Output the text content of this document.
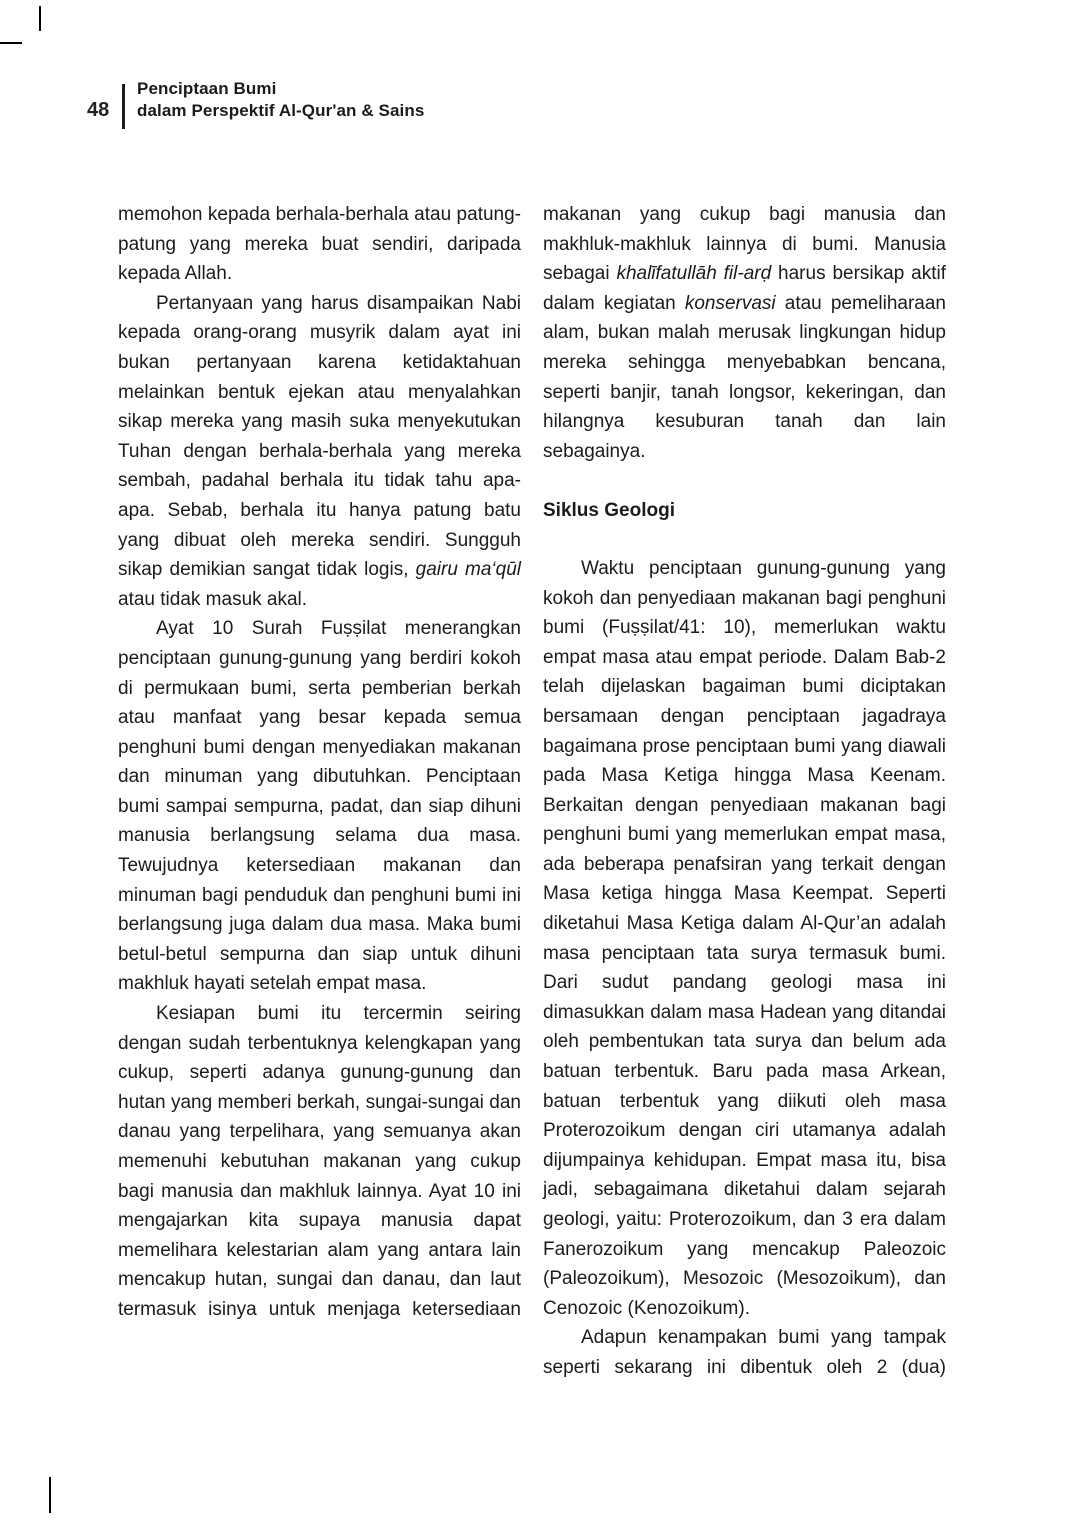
48
Penciptaan Bumi
dalam Perspektif Al-Qur'an & Sains

memohon kepada berhala-berhala atau patung-patung yang mereka buat sendiri, daripada kepada Allah.

Pertanyaan yang harus disampaikan Nabi kepada orang-orang musyrik dalam ayat ini bukan pertanyaan karena ketidaktahuan melainkan bentuk ejekan atau menyalahkan sikap mereka yang masih suka menyekutukan Tuhan dengan berhala-berhala yang mereka sembah, padahal berhala itu tidak tahu apa-apa. Sebab, berhala itu hanya patung batu yang dibuat oleh mereka sendiri. Sungguh sikap demikian sangat tidak logis, gairu ma‘qūl atau tidak masuk akal.

Ayat 10 Surah Fuṣṣilat menerangkan penciptaan gunung-gunung yang berdiri kokoh di permukaan bumi, serta pemberian berkah atau manfaat yang besar kepada semua penghuni bumi dengan menyediakan makanan dan minuman yang dibutuhkan. Penciptaan bumi sampai sempurna, padat, dan siap dihuni manusia berlangsung selama dua masa. Tewujudnya ketersediaan makanan dan minuman bagi penduduk dan penghuni bumi ini berlangsung juga dalam dua masa. Maka bumi betul-betul sempurna dan siap untuk dihuni makhluk hayati setelah empat masa.

Kesiapan bumi itu tercermin seiring dengan sudah terbentuknya kelengkapan yang cukup, seperti adanya gunung-gunung dan hutan yang memberi berkah, sungai-sungai dan danau yang terpelihara, yang semuanya akan memenuhi kebutuhan makanan yang cukup bagi manusia dan makhluk lainnya. Ayat 10 ini mengajarkan kita supaya manusia dapat memelihara kelestarian alam yang antara lain mencakup hutan, sungai dan danau, dan laut termasuk isinya untuk menjaga ketersediaan

makanan yang cukup bagi manusia dan makhluk-makhluk lainnya di bumi. Manusia sebagai khalīfatullāh fil-arḍ harus bersikap aktif dalam kegiatan konservasi atau pemeliharaan alam, bukan malah merusak lingkungan hidup mereka sehingga menyebabkan bencana, seperti banjir, tanah longsor, kekeringan, dan hilangnya kesuburan tanah dan lain sebagainya.

Siklus Geologi

Waktu penciptaan gunung-gunung yang kokoh dan penyediaan makanan bagi penghuni bumi (Fuṣṣilat/41: 10), memerlukan waktu empat masa atau empat periode. Dalam Bab-2 telah dijelaskan bagaiman bumi diciptakan bersamaan dengan penciptaan jagadraya bagaimana prose penciptaan bumi yang diawali pada Masa Ketiga hingga Masa Keenam. Berkaitan dengan penyediaan makanan bagi penghuni bumi yang memerlukan empat masa, ada beberapa penafsiran yang terkait dengan Masa ketiga hingga Masa Keempat. Seperti diketahui Masa Ketiga dalam Al-Qur’an adalah masa penciptaan tata surya termasuk bumi. Dari sudut pandang geologi masa ini dimasukkan dalam masa Hadean yang ditandai oleh pembentukan tata surya dan belum ada batuan terbentuk. Baru pada masa Arkean, batuan terbentuk yang diikuti oleh masa Proterozoikum dengan ciri utamanya adalah dijumpainya kehidupan. Empat masa itu, bisa jadi, sebagaimana diketahui dalam sejarah geologi, yaitu: Proterozoikum, dan 3 era dalam Fanerozoikum yang mencakup Paleozoic (Paleozoikum), Mesozoic (Mesozoikum), dan Cenozoic (Kenozoikum).

Adapun kenampakan bumi yang tampak seperti sekarang ini dibentuk oleh 2 (dua)
